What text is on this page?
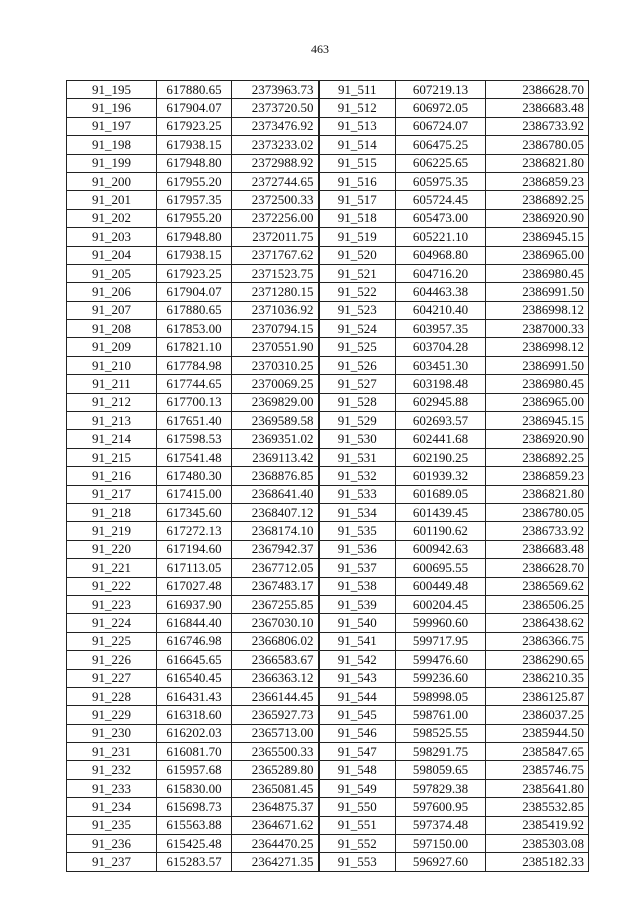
463
91_195	617880.65	2373963.73	91_511	607219.13	2386628.70
91_196	617904.07	2373720.50	91_512	606972.05	2386683.48
91_197	617923.25	2373476.92	91_513	606724.07	2386733.92
91_198	617938.15	2373233.02	91_514	606475.25	2386780.05
91_199	617948.80	2372988.92	91_515	606225.65	2386821.80
91_200	617955.20	2372744.65	91_516	605975.35	2386859.23
91_201	617957.35	2372500.33	91_517	605724.45	2386892.25
91_202	617955.20	2372256.00	91_518	605473.00	2386920.90
91_203	617948.80	2372011.75	91_519	605221.10	2386945.15
91_204	617938.15	2371767.62	91_520	604968.80	2386965.00
91_205	617923.25	2371523.75	91_521	604716.20	2386980.45
91_206	617904.07	2371280.15	91_522	604463.38	2386991.50
91_207	617880.65	2371036.92	91_523	604210.40	2386998.12
91_208	617853.00	2370794.15	91_524	603957.35	2387000.33
91_209	617821.10	2370551.90	91_525	603704.28	2386998.12
91_210	617784.98	2370310.25	91_526	603451.30	2386991.50
91_211	617744.65	2370069.25	91_527	603198.48	2386980.45
91_212	617700.13	2369829.00	91_528	602945.88	2386965.00
91_213	617651.40	2369589.58	91_529	602693.57	2386945.15
91_214	617598.53	2369351.02	91_530	602441.68	2386920.90
91_215	617541.48	2369113.42	91_531	602190.25	2386892.25
91_216	617480.30	2368876.85	91_532	601939.32	2386859.23
91_217	617415.00	2368641.40	91_533	601689.05	2386821.80
91_218	617345.60	2368407.12	91_534	601439.45	2386780.05
91_219	617272.13	2368174.10	91_535	601190.62	2386733.92
91_220	617194.60	2367942.37	91_536	600942.63	2386683.48
91_221	617113.05	2367712.05	91_537	600695.55	2386628.70
91_222	617027.48	2367483.17	91_538	600449.48	2386569.62
91_223	616937.90	2367255.85	91_539	600204.45	2386506.25
91_224	616844.40	2367030.10	91_540	599960.60	2386438.62
91_225	616746.98	2366806.02	91_541	599717.95	2386366.75
91_226	616645.65	2366583.67	91_542	599476.60	2386290.65
91_227	616540.45	2366363.12	91_543	599236.60	2386210.35
91_228	616431.43	2366144.45	91_544	598998.05	2386125.87
91_229	616318.60	2365927.73	91_545	598761.00	2386037.25
91_230	616202.03	2365713.00	91_546	598525.55	2385944.50
91_231	616081.70	2365500.33	91_547	598291.75	2385847.65
91_232	615957.68	2365289.80	91_548	598059.65	2385746.75
91_233	615830.00	2365081.45	91_549	597829.38	2385641.80
91_234	615698.73	2364875.37	91_550	597600.95	2385532.85
91_235	615563.88	2364671.62	91_551	597374.48	2385419.92
91_236	615425.48	2364470.25	91_552	597150.00	2385303.08
91_237	615283.57	2364271.35	91_553	596927.60	2385182.33
